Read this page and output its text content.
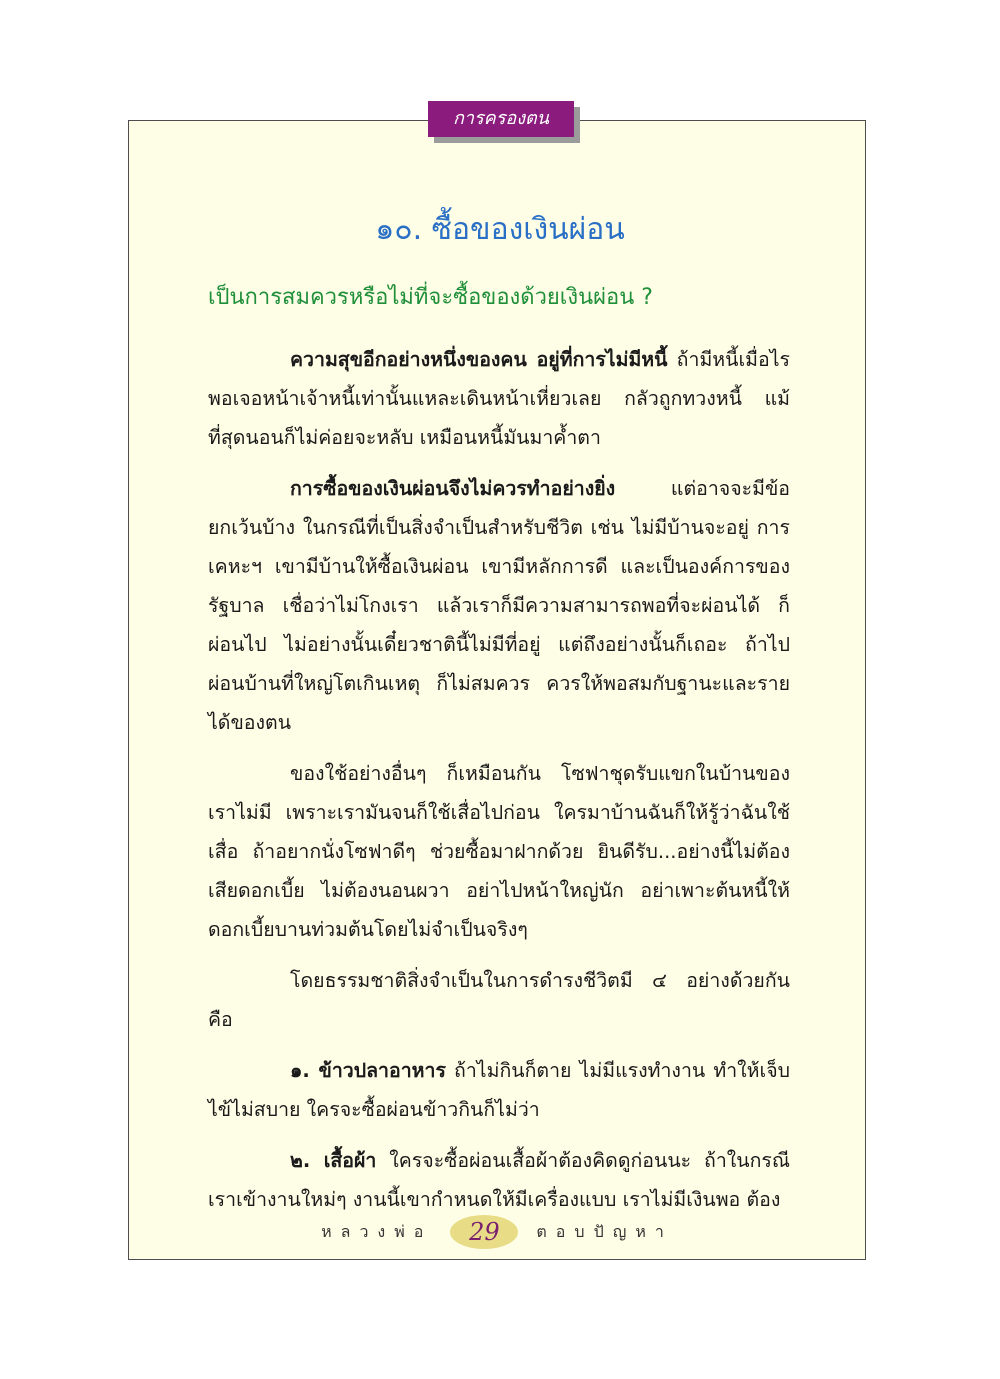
การครองตน
๑๐. ซื้อของเงินผ่อน
เป็นการสมควรหรือไม่ที่จะซื้อของด้วยเงินผ่อน ?

ความสุขอีกอย่างหนึ่งของคน อยู่ที่การไม่มีหนี้ ถ้ามีหนี้เมื่อไรพอเจอหน้าเจ้าหนี้เท่านั้นแหละเดินหน้าเหี่ยวเลย กลัวถูกทวงหนี้ แม้ที่สุดนอนก็ไม่ค่อยจะหลับ เหมือนหนี้มันมาค้ำตา

การซื้อของเงินผ่อนจึงไม่ควรทำอย่างยิ่ง แต่อาจจะมีข้อยกเว้นบ้าง ในกรณีที่เป็นสิ่งจำเป็นสำหรับชีวิต เช่น ไม่มีบ้านจะอยู่ การเคหะฯ เขามีบ้านให้ซื้อเงินผ่อน เขามีหลักการดี และเป็นองค์การของรัฐบาล เชื่อว่าไม่โกงเรา แล้วเราก็มีความสามารถพอที่จะผ่อนได้ ก็ผ่อนไป ไม่อย่างนั้นเดี๋ยวชาตินี้ไม่มีที่อยู่ แต่ถึงอย่างนั้นก็เถอะ ถ้าไปผ่อนบ้านที่ใหญ่โตเกินเหตุ ก็ไม่สมควร ควรให้พอสมกับฐานะและรายได้ของตน

ของใช้อย่างอื่นๆ ก็เหมือนกัน โซฟาชุดรับแขกในบ้านของเราไม่มี เพราะเรามันจนก็ใช้เสื่อไปก่อน ใครมาบ้านฉันก็ให้รู้ว่าฉันใช้เสื่อ ถ้าอยากนั่งโซฟาดีๆ ช่วยซื้อมาฝากด้วย ยินดีรับ...อย่างนี้ไม่ต้องเสียดอกเบี้ย ไม่ต้องนอนผวา อย่าไปหน้าใหญ่นัก อย่าเพาะต้นหนี้ให้ดอกเบี้ยบานท่วมต้นโดยไม่จำเป็นจริงๆ

โดยธรรมชาติสิ่งจำเป็นในการดำรงชีวิตมี ๔ อย่างด้วยกัน คือ

๑. ข้าวปลาอาหาร ถ้าไม่กินก็ตาย ไม่มีแรงทำงาน ทำให้เจ็บไข้ไม่สบาย ใครจะซื้อผ่อนข้าวกินก็ไม่ว่า

๒. เสื้อผ้า ใครจะซื้อผ่อนเสื้อผ้าต้องคิดดูก่อนนะ ถ้าในกรณีเราเข้างานใหม่ๆ งานนี้เขากำหนดให้มีเครื่องแบบ เราไม่มีเงินพอ ต้อง

หลวงพ่อ	29	ตอบปัญหา
